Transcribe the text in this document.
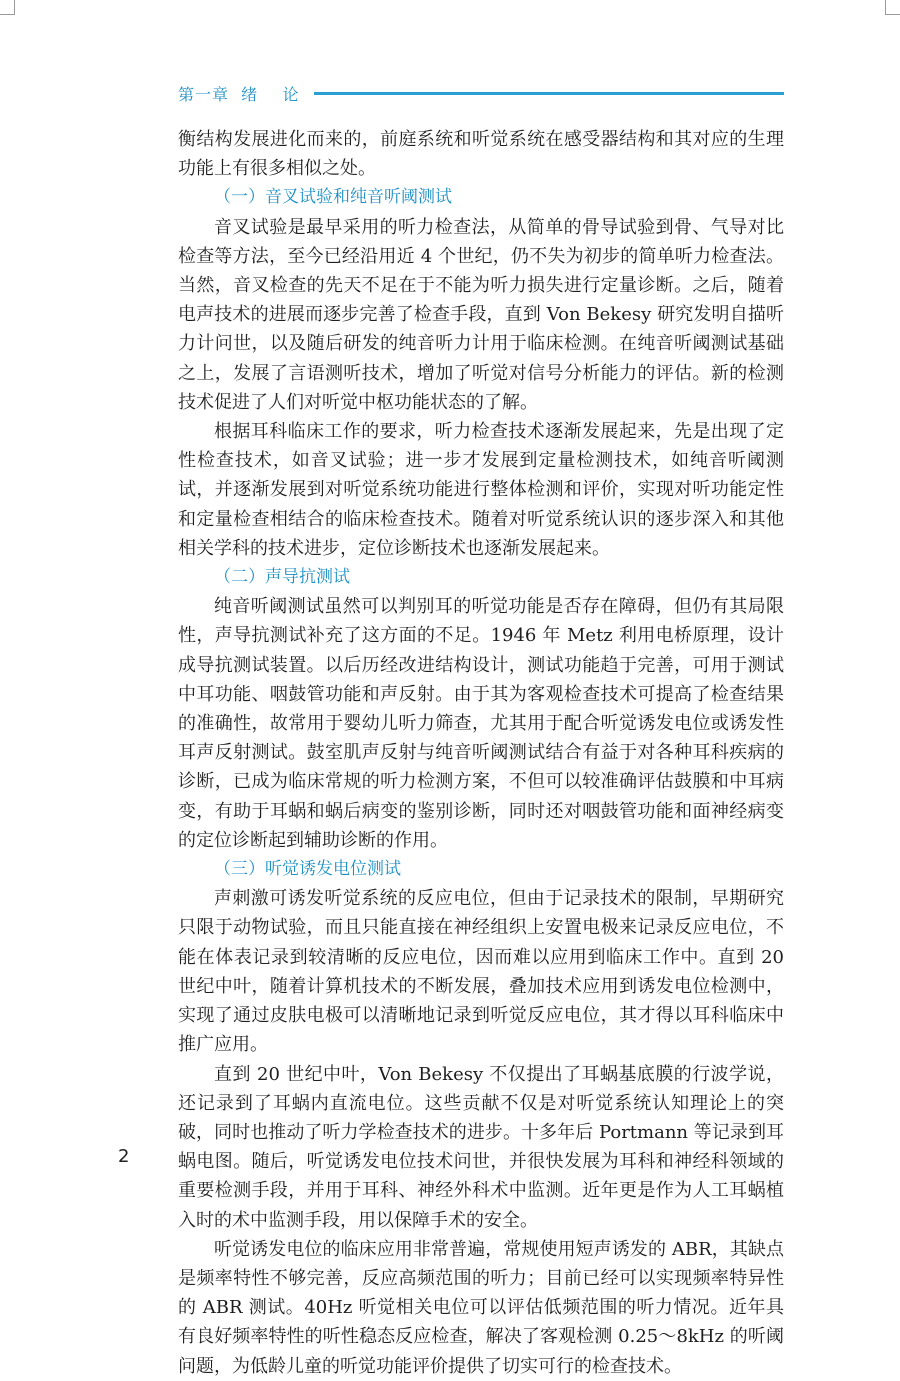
第一章  绪    论

衡结构发展进化而来的，前庭系统和听觉系统在感受器结构和其对应的生理功能上有很多相似之处。

（一）音叉试验和纯音听阈测试

音叉试验是最早采用的听力检查法，从简单的骨导试验到骨、气导对比检查等方法，至今已经沿用近 4 个世纪，仍不失为初步的简单听力检查法。当然，音叉检查的先天不足在于不能为听力损失进行定量诊断。之后，随着电声技术的进展而逐步完善了检查手段，直到 Von Bekesy 研究发明自描听力计问世，以及随后研发的纯音听力计用于临床检测。在纯音听阈测试基础之上，发展了言语测听技术，增加了听觉对信号分析能力的评估。新的检测技术促进了人们对听觉中枢功能状态的了解。

根据耳科临床工作的要求，听力检查技术逐渐发展起来，先是出现了定性检查技术，如音叉试验；进一步才发展到定量检测技术，如纯音听阈测试，并逐渐发展到对听觉系统功能进行整体检测和评价，实现对听功能定性和定量检查相结合的临床检查技术。随着对听觉系统认识的逐步深入和其他相关学科的技术进步，定位诊断技术也逐渐发展起来。

（二）声导抗测试

纯音听阈测试虽然可以判别耳的听觉功能是否存在障碍，但仍有其局限性，声导抗测试补充了这方面的不足。1946 年 Metz 利用电桥原理，设计成导抗测试装置。以后历经改进结构设计，测试功能趋于完善，可用于测试中耳功能、咽鼓管功能和声反射。由于其为客观检查技术可提高了检查结果的准确性，故常用于婴幼儿听力筛查，尤其用于配合听觉诱发电位或诱发性耳声反射测试。鼓室肌声反射与纯音听阈测试结合有益于对各种耳科疾病的诊断，已成为临床常规的听力检测方案，不但可以较准确评估鼓膜和中耳病变，有助于耳蜗和蜗后病变的鉴别诊断，同时还对咽鼓管功能和面神经病变的定位诊断起到辅助诊断的作用。

（三）听觉诱发电位测试

声刺激可诱发听觉系统的反应电位，但由于记录技术的限制，早期研究只限于动物试验，而且只能直接在神经组织上安置电极来记录反应电位，不能在体表记录到较清晰的反应电位，因而难以应用到临床工作中。直到 20 世纪中叶，随着计算机技术的不断发展，叠加技术应用到诱发电位检测中，实现了通过皮肤电极可以清晰地记录到听觉反应电位，其才得以耳科临床中推广应用。

直到 20 世纪中叶，Von Bekesy 不仅提出了耳蜗基底膜的行波学说，还记录到了耳蜗内直流电位。这些贡献不仅是对听觉系统认知理论上的突破，同时也推动了听力学检查技术的进步。十多年后 Portmann 等记录到耳蜗电图。随后，听觉诱发电位技术问世，并很快发展为耳科和神经科领域的重要检测手段，并用于耳科、神经外科术中监测。近年更是作为人工耳蜗植入时的术中监测手段，用以保障手术的安全。

听觉诱发电位的临床应用非常普遍，常规使用短声诱发的 ABR，其缺点是频率特性不够完善，反应高频范围的听力；目前已经可以实现频率特异性的 ABR 测试。40Hz 听觉相关电位可以评估低频范围的听力情况。近年具有良好频率特性的听性稳态反应检查，解决了客观检测 0.25～8kHz 的听阈问题，为低龄儿童的听觉功能评价提供了切实可行的检查技术。

2
